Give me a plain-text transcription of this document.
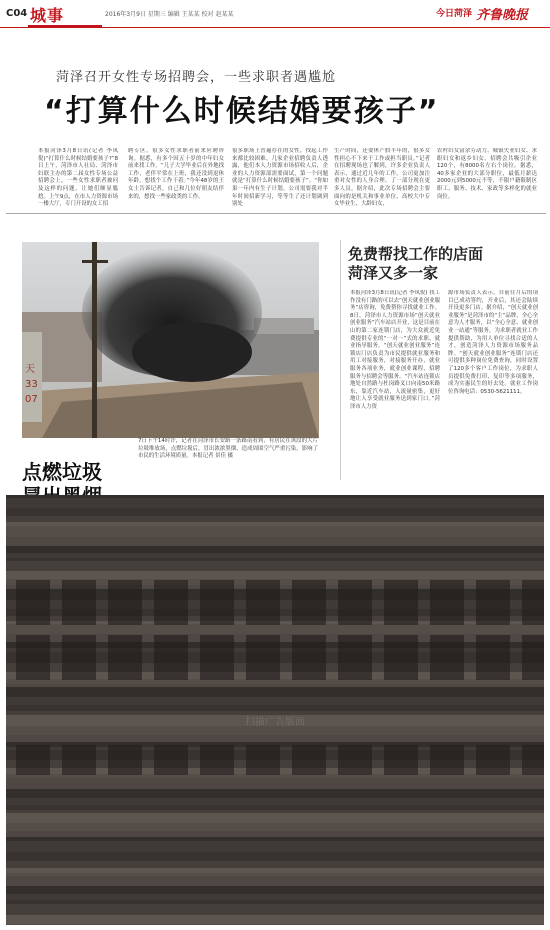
C04 城事	2016年3月9日 星期三 编辑 王某某 校对 赵某某	今日菏泽 齐鲁晚报
菏泽召开女性专场招聘会，一些求职者遇尴尬
“打算什么时候结婚要孩子”
本报菏泽3月8日讯(记者 李凤倪)“打算什么时候结婚要孩子?”8日上午，菏泽市人社局、菏泽市妇联主办的第二届女性专场公益招聘会上，一些女性求职者被问及这样的问题，让她们颇显尴尬。上午9点，在市人力资源市场一楼大厅，专门开设的女工招
聘专区，很多女性求职者前来应聘咨询。据悉，有多个因五十岁的中年妇女前来找工作。“儿子大学毕业后在外地找工作，老伴平常在上班，我还没到退休年龄，想找个工作干着。”今年48岁的王女士告诉记者，自己和几位好朋友结伴来的，想找一些家政类的工作。
很多职场上普遍存在的女性，找起工作来都比较困难。几家企业招聘负责人透露，他们本人力资源市场招收人后，企业的人力资源部需要面试，第一个问题就是“打算什么时候结婚要孩子”。“你如果一年内有生子计划，公司需要我对半年时间招新学习，等等生了还计划调到别处
生产时间，还要休产假半年的，很多女性担心不下来于工作或担当职员。”记者在招聘现场也了解到，许多企业负责人表示，通过近几年的工作，公司更加注重对女性的人身合理。了一部分现在更多人员。据介绍，此次专场招聘会主要面向的是机关和事业单位、高校大中专女毕业生、大龄妇女、
农村妇女富余劳动力、城镇失业妇女、求职妇女和返乡妇女。招聘会共吸引企业120个，有8000名左右个岗位。据悉，40多家企业的大部分职位，最低月薪达2000元到5000元不等，不限户籍限制区职工、服务、技术、家政等多样化的就业岗位。
天
33
07
点燃垃圾

7日下午14时许，记者在菏泽市长安路一条路南看到，有居民在该段的大片垃圾堆放场，点燃垃圾后，冒出浓浓黑烟，造成周围空气严重污染，影响了市民的生活环境质量。本报记者 景佳 摄
免费帮找工作的店面
菏泽又多一家
本报菏泽3月8日讯(记者 李凤倪) 找工作没有门路的可以去“创天就业创业服务”店咨询，免费帮你寻找就业工作。8日，菏泽市人力资源市场“创天就业创业服务”汽车站店开业，这是目前在山的第二家连锁门店，为大众就近免费提供专业的“一对一”式的求职、就业指导服务。“创天就业创业服务”连锁店门店负责为市民提供就业服务和用工对接服务，对接服务开办，就业服务各项业务，就业创业课程，招聘服务与招聘会等服务。“汽车站连锁店地处自然路与杜岗路叉口向南50米路东，靠近汽车站，人流量密集，更好地让人享受就业服务送到家门口。”菏泽市人力资
源市场负责人表示，自前往月后的项目已成功签约，开业后，其还会陆续开设更多门店。据介绍，“创天就业创业服务”是菏泽市的“主”品牌，全心全意为人才服务，以“全心全意、就业创业一站通”等服务，为求职者就业工作提供帮助，为用人单位寻找合适的人才，创造菏泽人力资源市场服务品牌。“创天就业创业服务”连锁门店还可提供多种岗位免费查询，同时设置了120多个客户工作岗位，为求职人员提供免费打印、复印等多项服务，成为实惠民生的好去处。就业工作岗位咨询电话：0530-5621111。
扫描广告版面
